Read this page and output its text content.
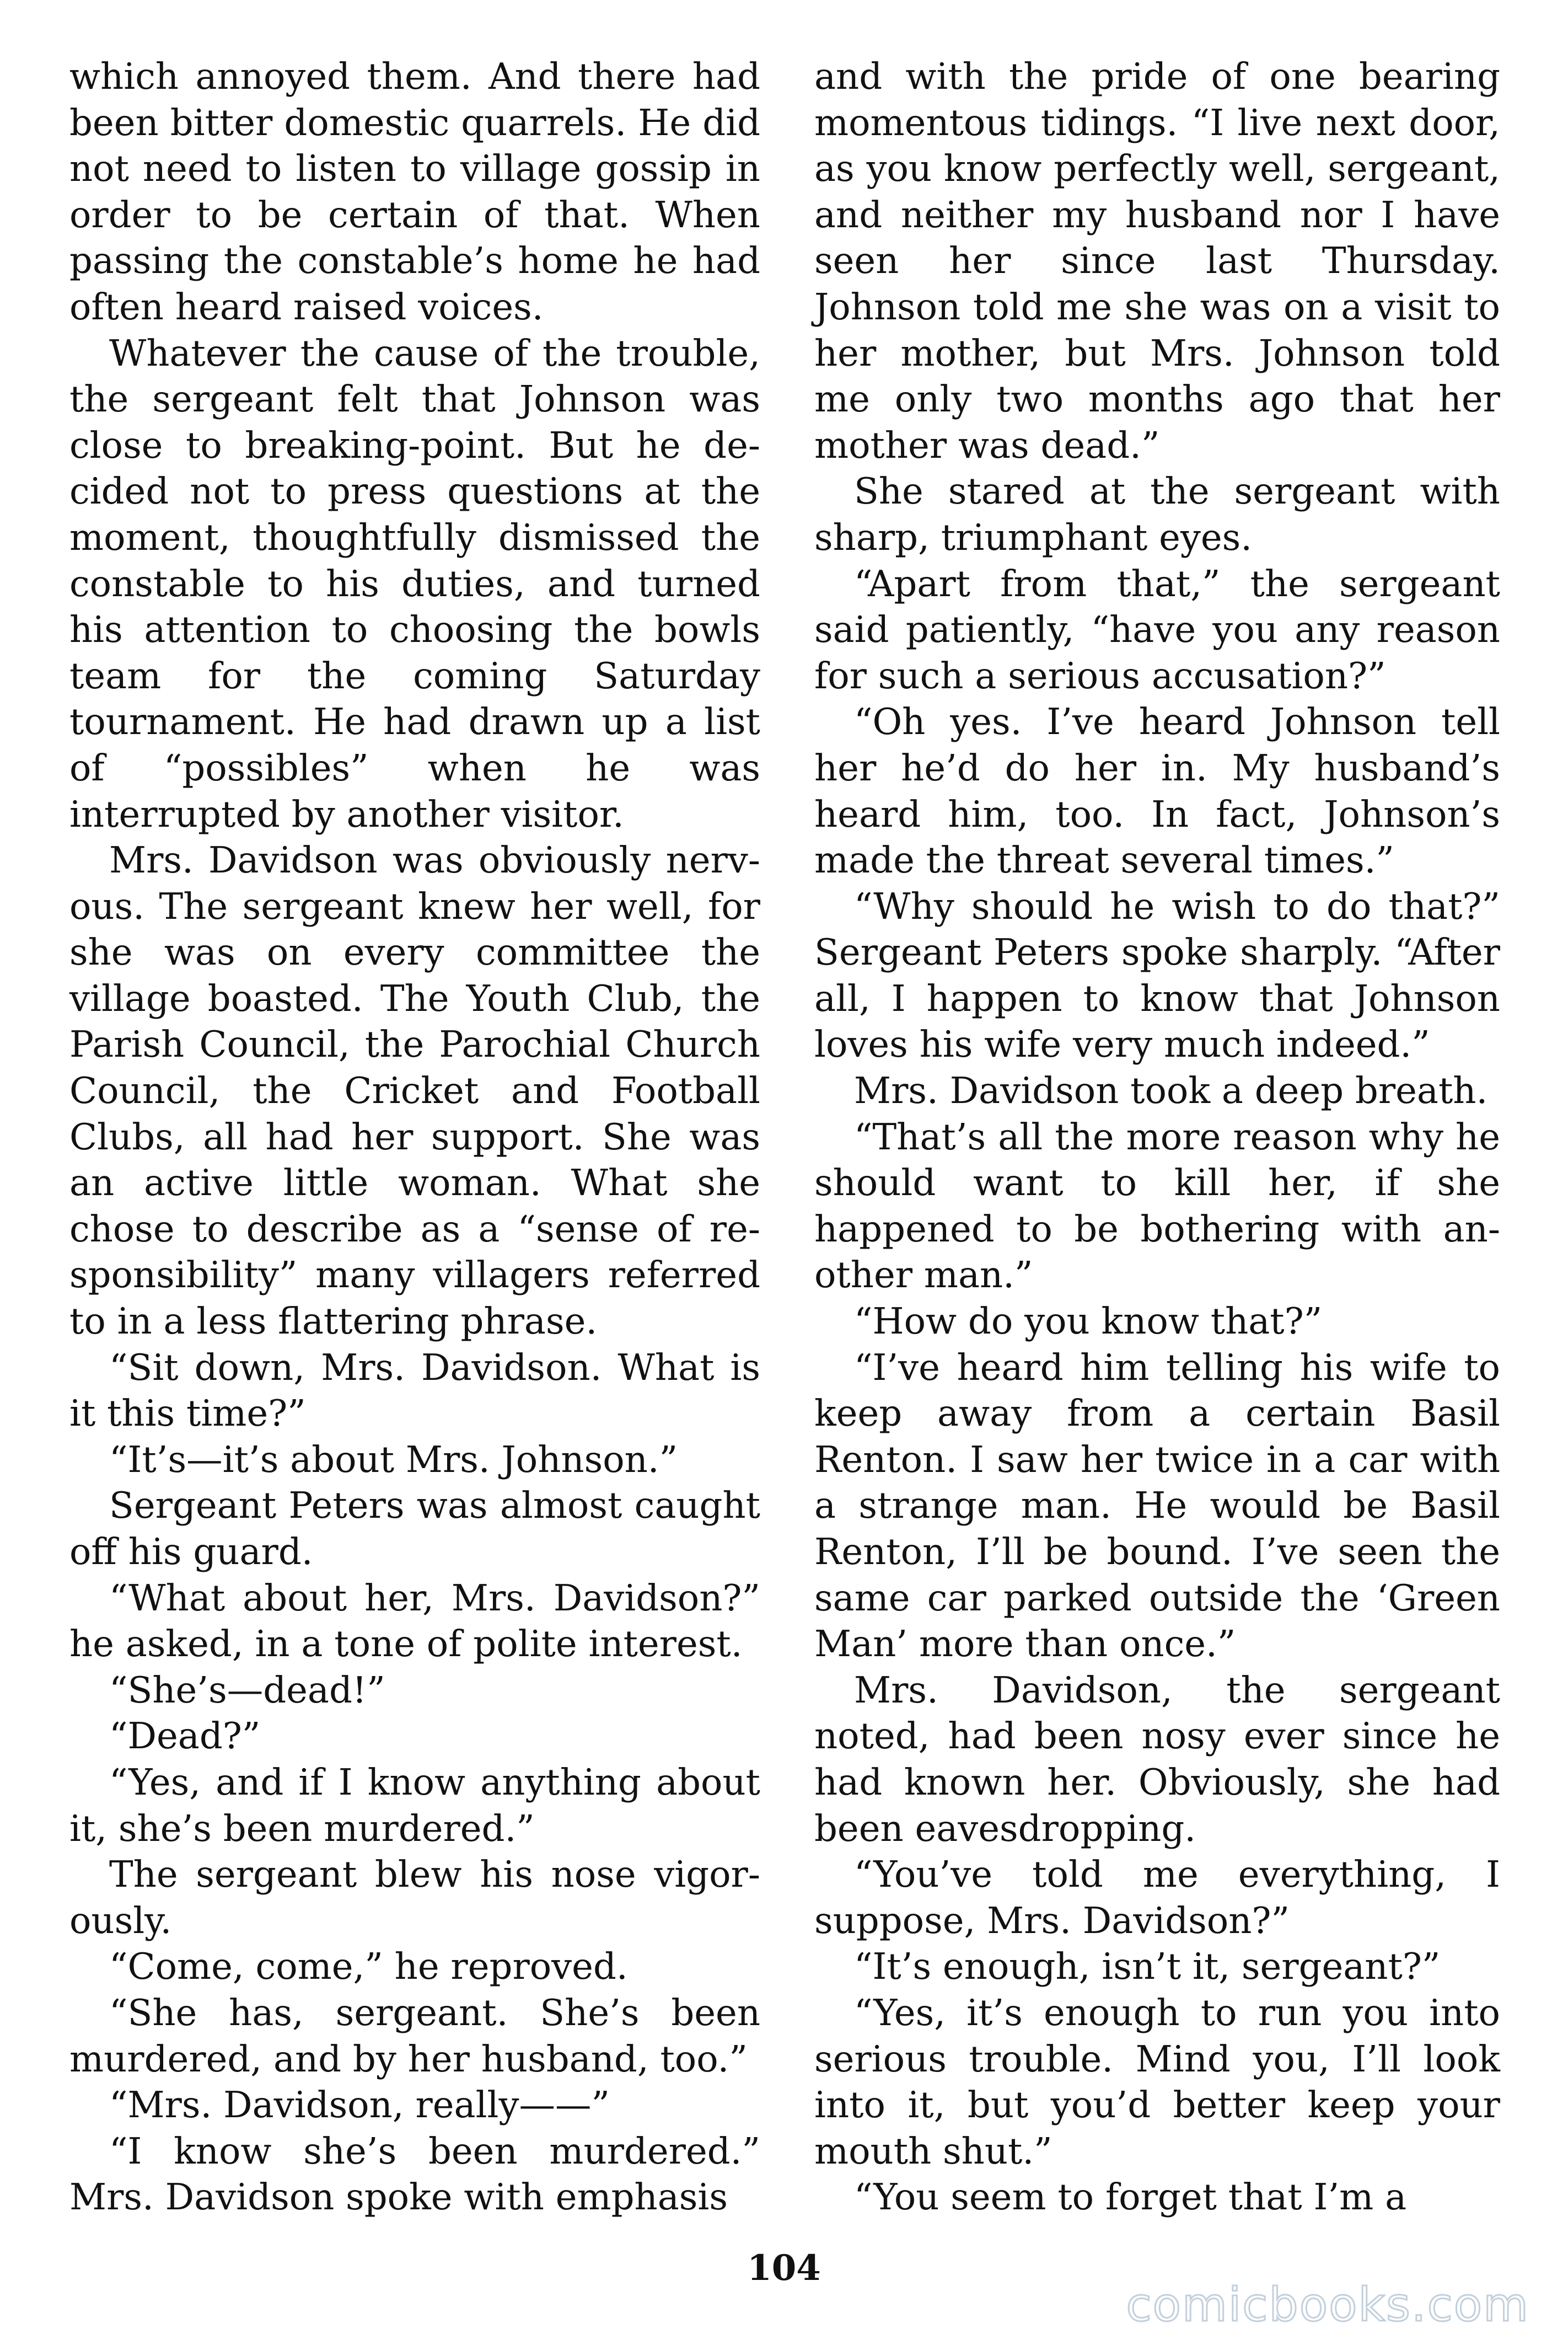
which annoyed them. And there had been bitter domestic quarrels. He did not need to listen to village gossip in order to be certain of that. When passing the constable’s home he had often heard raised voices.

Whatever the cause of the trouble, the sergeant felt that Johnson was close to breaking-point. But he decided not to press questions at the moment, thoughtfully dismissed the constable to his duties, and turned his attention to choosing the bowls team for the coming Saturday tournament. He had drawn up a list of “possibles” when he was interrupted by another visitor.

Mrs. Davidson was obviously nervous. The sergeant knew her well, for she was on every committee the village boasted. The Youth Club, the Parish Council, the Parochial Church Council, the Cricket and Football Clubs, all had her support. She was an active little woman. What she chose to describe as a “sense of responsibility” many villagers referred to in a less flattering phrase.

“Sit down, Mrs. Davidson. What is it this time?”

“It’s—it’s about Mrs. Johnson.”

Sergeant Peters was almost caught off his guard.

“What about her, Mrs. Davidson?” he asked, in a tone of polite interest.

“She’s—dead!”

“Dead?”

“Yes, and if I know anything about it, she’s been murdered.”

The sergeant blew his nose vigorously.

“Come, come,” he reproved.

“She has, sergeant. She’s been murdered, and by her husband, too.”

“Mrs. Davidson, really——”

“I know she’s been murdered.” Mrs. Davidson spoke with emphasis

and with the pride of one bearing momentous tidings. “I live next door, as you know perfectly well, sergeant, and neither my husband nor I have seen her since last Thursday. Johnson told me she was on a visit to her mother, but Mrs. Johnson told me only two months ago that her mother was dead.”

She stared at the sergeant with sharp, triumphant eyes.

“Apart from that,” the sergeant said patiently, “have you any reason for such a serious accusation?”

“Oh yes. I’ve heard Johnson tell her he’d do her in. My husband’s heard him, too. In fact, Johnson’s made the threat several times.”

“Why should he wish to do that?” Sergeant Peters spoke sharply. “After all, I happen to know that Johnson loves his wife very much indeed.”

Mrs. Davidson took a deep breath.

“That’s all the more reason why he should want to kill her, if she happened to be bothering with another man.”

“How do you know that?”

“I’ve heard him telling his wife to keep away from a certain Basil Renton. I saw her twice in a car with a strange man. He would be Basil Renton, I’ll be bound. I’ve seen the same car parked outside the ‘Green Man’ more than once.”

Mrs. Davidson, the sergeant noted, had been nosy ever since he had known her. Obviously, she had been eavesdropping.

“You’ve told me everything, I suppose, Mrs. Davidson?”

“It’s enough, isn’t it, sergeant?”

“Yes, it’s enough to run you into serious trouble. Mind you, I’ll look into it, but you’d better keep your mouth shut.”

“You seem to forget that I’m a

104
comicbooks.com
